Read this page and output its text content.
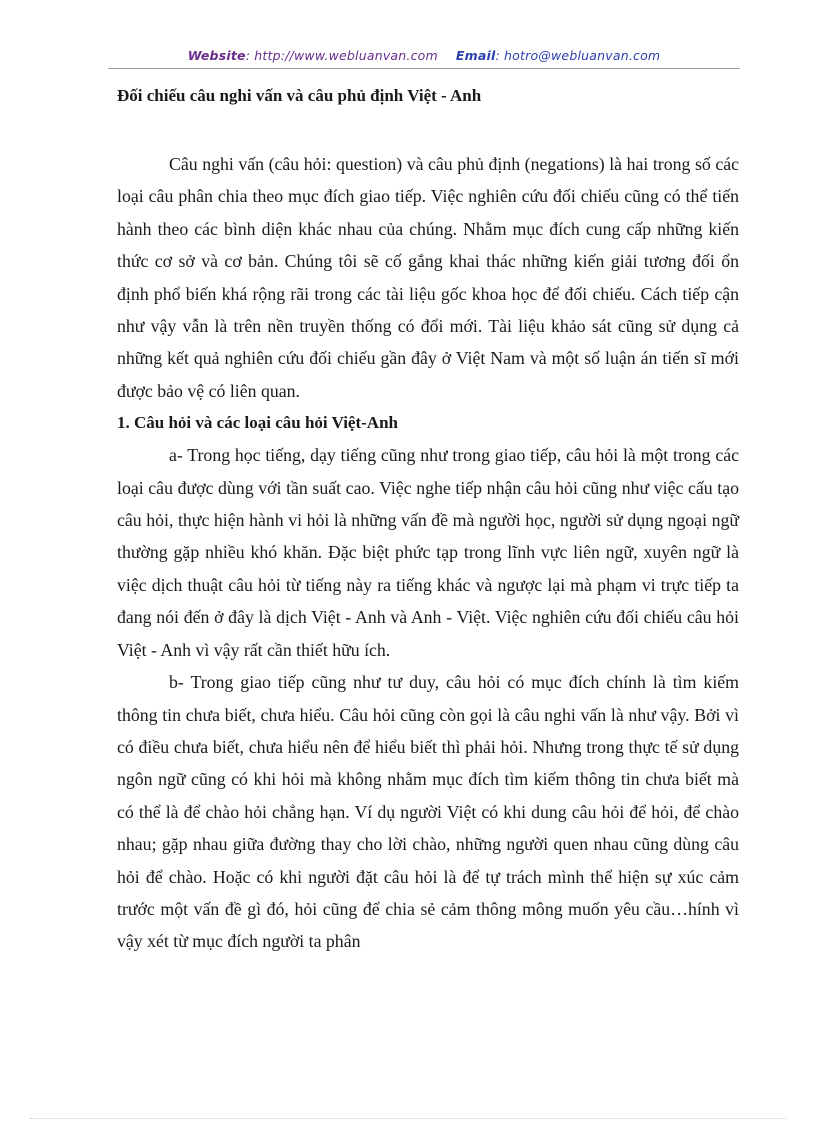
Website: http://www.webluanvan.com Email: hotro@webluanvan.com
Đối chiếu câu nghi vấn và câu phủ định Việt - Anh

Câu nghi vấn (câu hỏi: question) và câu phủ định (negations) là hai trong số các loại câu phân chia theo mục đích giao tiếp. Việc nghiên cứu đối chiếu cũng có thể tiến hành theo các bình diện khác nhau của chúng. Nhằm mục đích cung cấp những kiến thức cơ sở và cơ bản. Chúng tôi sẽ cố gắng khai thác những kiến giải tương đối ổn định phổ biến khá rộng rãi trong các tài liệu gốc khoa học để đối chiếu. Cách tiếp cận như vậy vẫn là trên nền truyền thống có đổi mới. Tài liệu khảo sát cũng sử dụng cả những kết quả nghiên cứu đối chiếu gần đây ở Việt Nam và một số luận án tiến sĩ mới được bảo vệ có liên quan.

1. Câu hỏi và các loại câu hỏi Việt-Anh

a- Trong học tiếng, dạy tiếng cũng như trong giao tiếp, câu hỏi là một trong các loại câu được dùng với tần suất cao. Việc nghe tiếp nhận câu hỏi cũng như việc cấu tạo câu hỏi, thực hiện hành vi hỏi là những vấn đề mà người học, người sử dụng ngoại ngữ thường gặp nhiều khó khăn. Đặc biệt phức tạp trong lĩnh vực liên ngữ, xuyên ngữ là việc dịch thuật câu hỏi từ tiếng này ra tiếng khác và ngược lại mà phạm vi trực tiếp ta đang nói đến ở đây là dịch Việt - Anh và Anh - Việt. Việc nghiên cứu đối chiếu câu hỏi Việt - Anh vì vậy rất cần thiết hữu ích.

b- Trong giao tiếp cũng như tư duy, câu hỏi có mục đích chính là tìm kiếm thông tin chưa biết, chưa hiểu. Câu hỏi cũng còn gọi là câu nghi vấn là như vậy. Bởi vì có điều chưa biết, chưa hiểu nên để hiểu biết thì phải hỏi. Nhưng trong thực tế sử dụng ngôn ngữ cũng có khi hỏi mà không nhằm mục đích tìm kiếm thông tin chưa biết mà có thể là để chào hỏi chẳng hạn. Ví dụ người Việt có khi dung câu hỏi để hỏi, để chào nhau; gặp nhau giữa đường thay cho lời chào, những người quen nhau cũng dùng câu hỏi để chào. Hoặc có khi người đặt câu hỏi là để tự trách mình thể hiện sự xúc cảm trước một vấn đề gì đó, hỏi cũng để chia sẻ cảm thông mông muốn yêu cầu…hính vì vậy xét từ mục đích người ta phân
